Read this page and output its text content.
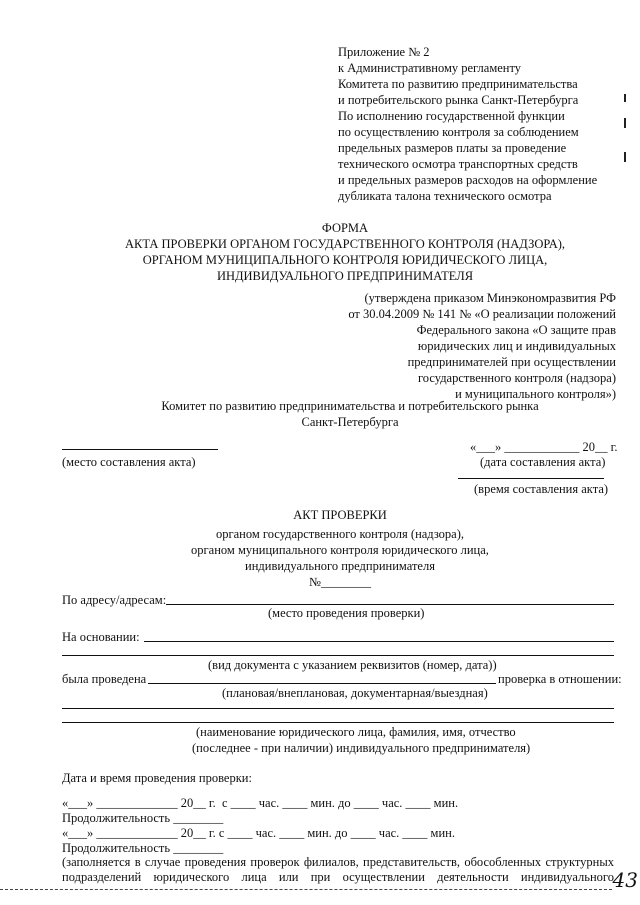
Приложение № 2
к Административному регламенту
Комитета по развитию предпринимательства
и потребительского рынка Санкт-Петербурга
По исполнению государственной функции
по осуществлению контроля за соблюдением
предельных размеров платы за проведение
технического осмотра транспортных средств
и предельных размеров расходов на оформление
дубликата талона технического осмотра
ФОРМА
АКТА ПРОВЕРКИ ОРГАНОМ ГОСУДАРСТВЕННОГО КОНТРОЛЯ (НАДЗОРА),
ОРГАНОМ МУНИЦИПАЛЬНОГО КОНТРОЛЯ ЮРИДИЧЕСКОГО ЛИЦА,
ИНДИВИДУАЛЬНОГО ПРЕДПРИНИМАТЕЛЯ
(утверждена приказом Минэкономразвития РФ
от 30.04.2009 № 141 № «О реализации положений
Федерального закона «О защите прав
юридических лиц и индивидуальных
предпринимателей при осуществлении
государственного контроля (надзора)
и муниципального контроля»)
Комитет по развитию предпринимательства и потребительского рынка
Санкт-Петербурга
«___» ____________ 20__ г.
(место составления акта)	(дата составления акта)
(время составления акта)
АКТ ПРОВЕРКИ
органом государственного контроля (надзора),
органом муниципального контроля юридического лица,
индивидуального предпринимателя
№________
По адресу/адресам:
(место проведения проверки)
На основании:
(вид документа с указанием реквизитов (номер, дата))
была проведена	проверка в отношении:
(плановая/внеплановая, документарная/выездная)
(наименование юридического лица, фамилия, имя, отчество
(последнее - при наличии) индивидуального предпринимателя)
Дата и время проведения проверки:
«___» _____________ 20__ г.  с ____ час. ____ мин. до ____ час. ____ мин.
Продолжительность ________
«___» _____________ 20__ г. с ____ час. ____ мин. до ____ час. ____ мин.
Продолжительность ________
(заполняется в случае проведения проверок филиалов, представительств, обособленных структурных
подразделений юридического лица или при осуществлении деятельности индивидуального
43
